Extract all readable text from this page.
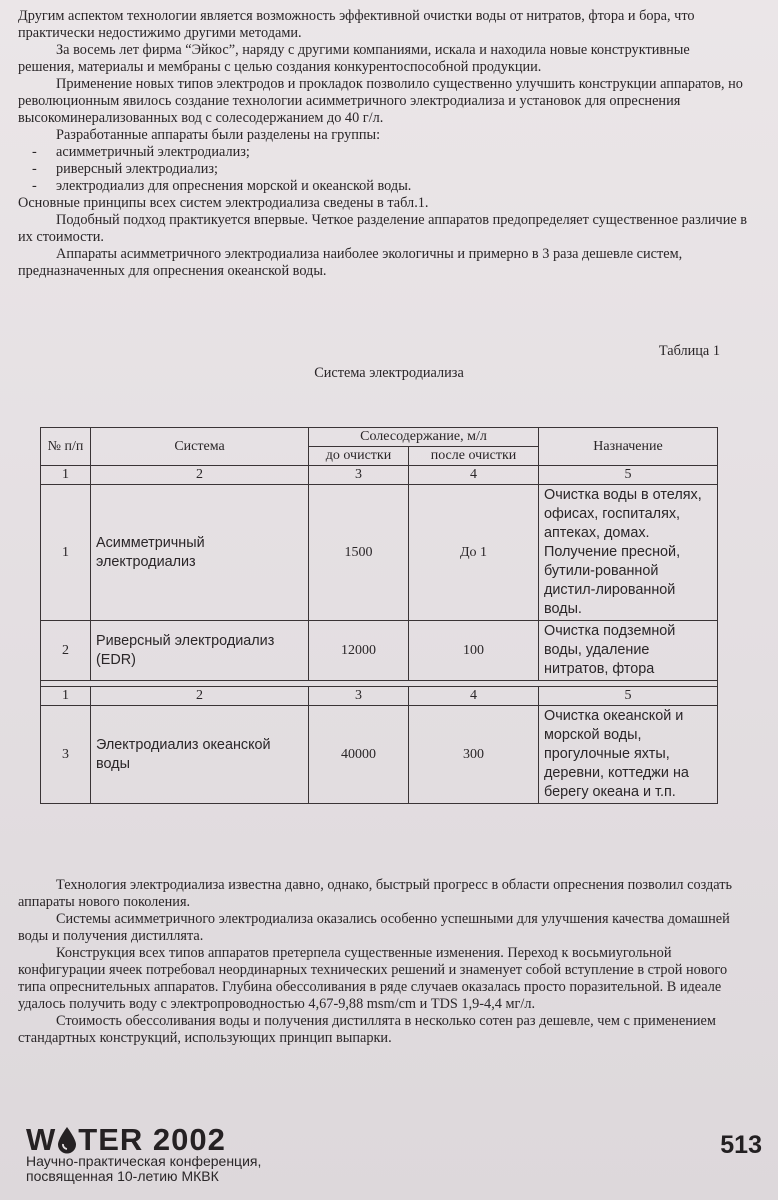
Другим аспектом технологии является возможность эффективной очистки воды от нитратов, фтора и бора, что практически недостижимо другими методами.

За восемь лет фирма “Эйкос”, наряду с другими компаниями, искала и находила новые конструктивные решения, материалы и мембраны с целью создания конкурентоспособной продукции.

Применение новых типов электродов и прокладок позволило существенно улучшить конструкции аппаратов, но революционным явилось создание технологии асимметричного электродиализа и установок для опреснения высокоминерализованных вод с солесодержанием до 40 г/л.

Разработанные аппараты были разделены на группы:

- асимметричный электродиализ;

- риверсный электродиализ;

- электродиализ для опреснения морской и океанской воды.

Основные принципы всех систем электродиализа сведены в табл.1.

Подобный подход практикуется впервые. Четкое разделение аппаратов предопределяет существенное различие в их стоимости.

Аппараты асимметричного электродиализа наиболее экологичны и примерно в 3 раза дешевле систем, предназначенных для опреснения океанской воды.

Таблица 1
Система электродиализа
№ п/п	Система	Солесодержание, м/л		Назначение
		до очистки	после очистки	
1	2	3	4	5
1	Асимметричный электродиализ	1500	До 1	Очистка воды в отелях, офисах, госпиталях, аптеках, домах. Получение пресной, бутили-рованной дистил-лированной воды.
2	Риверсный электродиализ (EDR)	12000	100	Очистка подземной воды, удаление нитратов, фтора

1	2	3	4	5
3	Электродиализ океанской воды	40000	300	Очистка океанской и морской воды, прогулочные яхты, деревни, коттеджи на берегу океана и т.п.

Технология электродиализа известна давно, однако, быстрый прогресс в области опреснения позволил создать аппараты нового поколения.

Системы асимметричного электродиализа оказались особенно успешными для улучшения качества домашней воды и получения дистиллята.

Конструкция всех типов аппаратов претерпела существенные изменения. Переход к восьмиугольной конфигурации ячеек потребовал неординарных технических решений и знаменует собой вступление в строй нового типа опреснительных аппаратов. Глубина обессоливания в ряде случаев оказалась просто поразительной. В идеале удалось получить воду с электропроводностью 4,67-9,88 msm/cm и TDS 1,9-4,4 мг/л.

Стоимость обессоливания воды и получения дистиллята в несколько сотен раз дешевле, чем с применением стандартных конструкций, использующих принцип выпарки.

W TER 2002
Научно-практическая конференция,
посвященная 10-летию МКВК
513
